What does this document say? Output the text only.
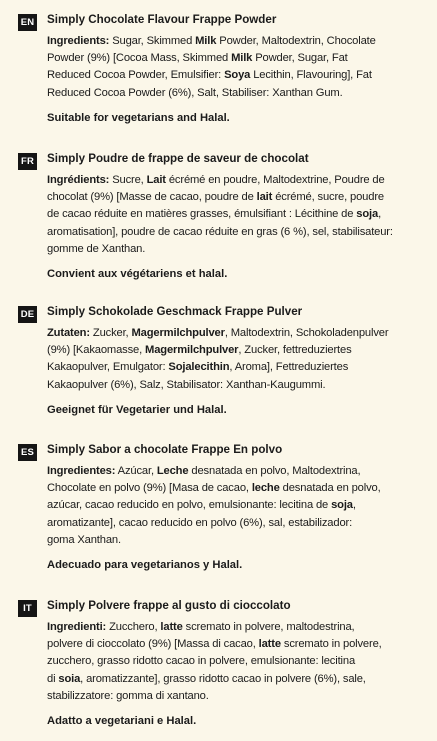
EN Simply Chocolate Flavour Frappe Powder

Ingredients: Sugar, Skimmed Milk Powder, Maltodextrin, Chocolate
Powder (9%) [Cocoa Mass, Skimmed Milk Powder, Sugar, Fat
Reduced Cocoa Powder, Emulsifier: Soya Lecithin, Flavouring], Fat
Reduced Cocoa Powder (6%), Salt, Stabiliser: Xanthan Gum.

Suitable for vegetarians and Halal.
FR Simply Poudre de frappe de saveur de chocolat

Ingrédients: Sucre, Lait écrémé en poudre, Maltodextrine, Poudre de
chocolat (9%) [Masse de cacao, poudre de lait écrémé, sucre, poudre
de cacao réduite en matières grasses, émulsifiant : Lécithine de soja,
aromatisation], poudre de cacao réduite en gras (6 %), sel, stabilisateur:
gomme de Xanthan.

Convient aux végétariens et halal.
DE Simply Schokolade Geschmack Frappe Pulver

Zutaten: Zucker, Magermilchpulver, Maltodextrin, Schokoladenpulver
(9%) [Kakaomasse, Magermilchpulver, Zucker, fettreduziertes
Kakaopulver, Emulgator: Sojalecithin, Aroma], Fettreduziertes
Kakaopulver (6%), Salz, Stabilisator: Xanthan-Kaugummi.

Geeignet für Vegetarier und Halal.
ES Simply Sabor a chocolate Frappe En polvo

Ingredientes: Azúcar, Leche desnatada en polvo, Maltodextrina,
Chocolate en polvo (9%) [Masa de cacao, leche desnatada en polvo,
azúcar, cacao reducido en polvo, emulsionante: lecitina de soja,
aromatizante], cacao reducido en polvo (6%), sal, estabilizador:
goma Xanthan.

Adecuado para vegetarianos y Halal.
IT	Simply Polvere frappe al gusto di cioccolato

Ingredienti: Zucchero, latte scremato in polvere, maltodestrina,
polvere di cioccolato (9%) [Massa di cacao, latte scremato in polvere,
zucchero, grasso ridotto cacao in polvere, emulsionante: lecitina
di soia, aromatizzante], grasso ridotto cacao in polvere (6%), sale,
stabilizzatore: gomma di xantano.

Adatto a vegetariani e Halal.
